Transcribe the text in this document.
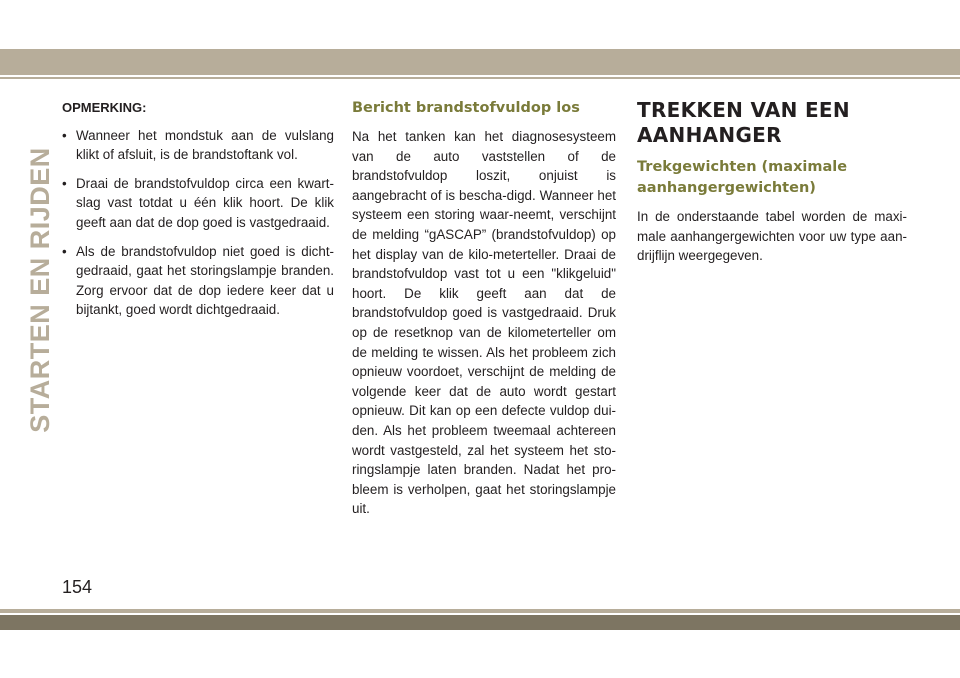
STARTEN EN RIJDEN
OPMERKING:
• Wanneer het mondstuk aan de vulslang klikt of afsluit, is de brandstoftank vol.
• Draai de brandstofvuldop circa een kwart-slag vast totdat u één klik hoort. De klik geeft aan dat de dop goed is vastgedraaid.
• Als de brandstofvuldop niet goed is dicht-gedraaid, gaat het storingslampje branden. Zorg ervoor dat de dop iedere keer dat u bijtankt, goed wordt dichtgedraaid.
Bericht brandstofvuldop los

Na het tanken kan het diagnosesysteem van de auto vaststellen of de brandstofvuldop loszit, onjuist is aangebracht of is bescha-digd. Wanneer het systeem een storing waar-neemt, verschijnt de melding “gASCAP” (brandstofvuldop) op het display van de kilo-meterteller. Draai de brandstofvuldop vast tot u een "klikgeluid" hoort. De klik geeft aan dat de brandstofvuldop goed is vastgedraaid. Druk op de resetknop van de kilometerteller om de melding te wissen. Als het probleem zich opnieuw voordoet, verschijnt de melding de volgende keer dat de auto wordt gestart opnieuw. Dit kan op een defecte vuldop dui-den. Als het probleem tweemaal achtereen wordt vastgesteld, zal het systeem het sto-ringslampje laten branden. Nadat het pro-bleem is verholpen, gaat het storingslampje uit.

TREKKEN VAN EEN AANHANGER
Trekgewichten (maximale aanhangergewichten)

In de onderstaande tabel worden de maxi-male aanhangergewichten voor uw type aan-drijflijn weergegeven.

154
